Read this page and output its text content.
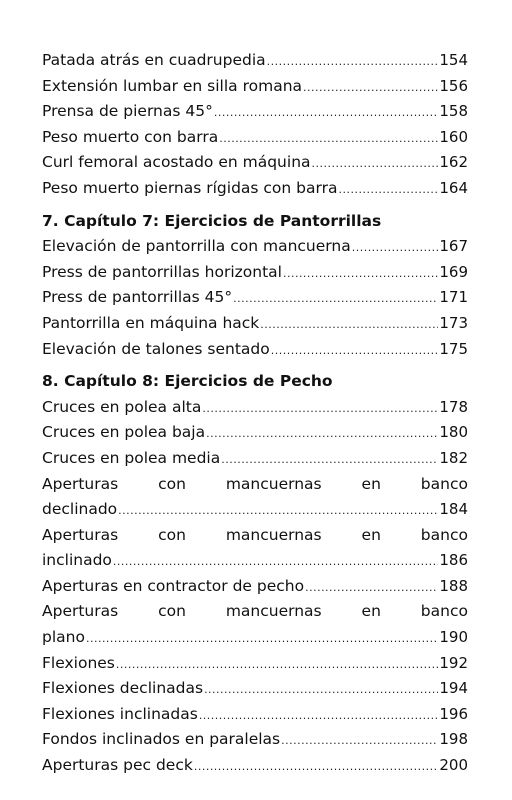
Patada atrás en cuadrupedia .....	154
Extensión lumbar en silla romana .....	156
Prensa de piernas 45° .....	158
Peso muerto con barra .....	160
Curl femoral acostado en máquina .....	162
Peso muerto piernas rígidas con barra .....	164
7. Capítulo 7: Ejercicios de Pantorrillas
Elevación de pantorrilla con mancuerna .....	167
Press de pantorrillas horizontal .....	169
Press de pantorrillas 45° .....	171
Pantorrilla en máquina hack .....	173
Elevación de talones sentado .....	175
8. Capítulo 8: Ejercicios de Pecho
Cruces en polea alta .....	178
Cruces en polea baja .....	180
Cruces en polea media .....	182
Aperturas	con	mancuernas	en	banco
declinado .....	184
Aperturas	con	mancuernas	en	banco
inclinado .....	186
Aperturas en contractor de pecho .....	188
Aperturas	con	mancuernas	en	banco
plano .....	190
Flexiones .....	192
Flexiones declinadas .....	194
Flexiones inclinadas .....	196
Fondos inclinados en paralelas .....	198
Aperturas pec deck .....	200
